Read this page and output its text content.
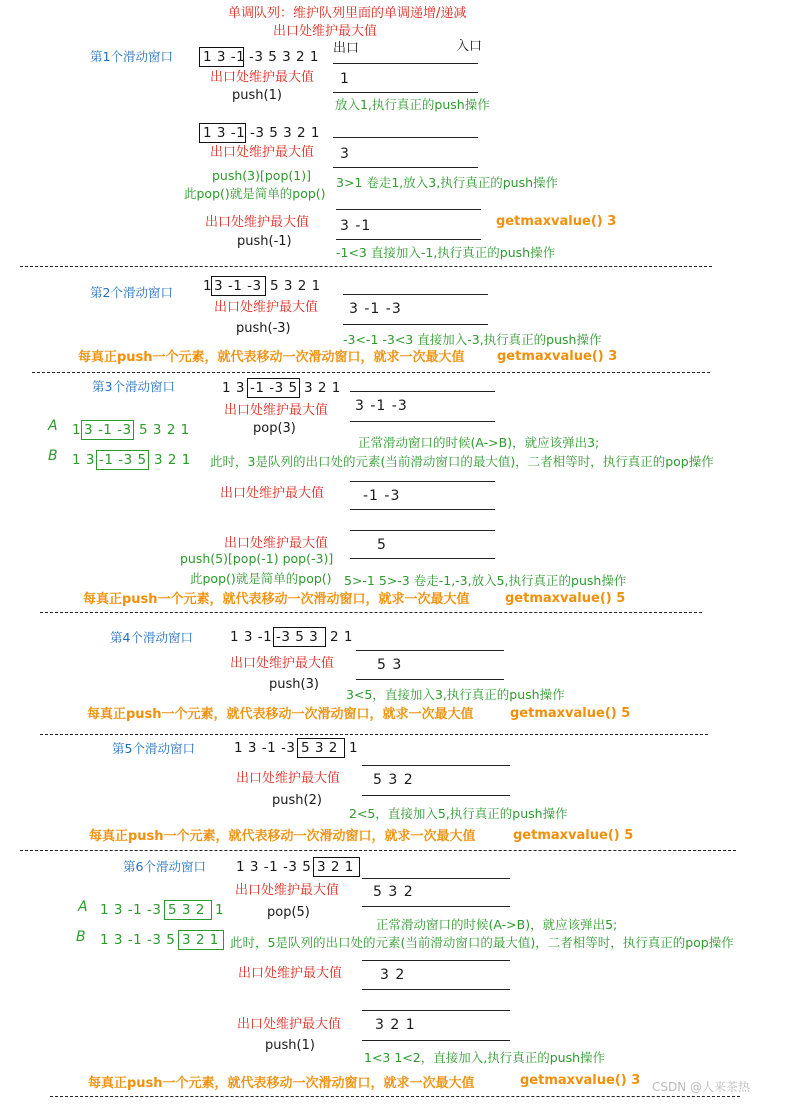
单调队列：维护队列里面的单调递增/递减
出口处维护最大值
第1个滑动窗口 1 3 -1 -3 5 3 2 1
出口	入口
出口处维护最大值 1
push(1)
放入1,执行真正的push操作
1 3 -1 -3 5 3 2 1
出口处维护最大值 3
push(3)[pop(1)] 3>1 卷走1,放入3,执行真正的push操作
此pop()就是简单的pop()
出口处维护最大值 3 -1	getmaxvalue() 3
push(-1)
-1<3 直接加入-1,执行真正的push操作
第2个滑动窗口 1 3 -1 -3 5 3 2 1
出口处维护最大值 3 -1 -3
push(-3)
-3<-1 -3<3 直接加入-3,执行真正的push操作
每真正push一个元素，就代表移动一次滑动窗口，就求一次最大值 getmaxvalue() 3
第3个滑动窗口	1 3 -1 -3 5 3 2 1
3 -1 -3
出口处维护最大值
pop(3)
A 1 3 -1 -3 5 3 2 1
正常滑动窗口的时候(A->B)，就应该弹出3;
B 1 3 -1 -3 5 3 2 1 此时，3是队列的出口处的元素(当前滑动窗口的最大值)，二者相等时，执行真正的pop操作
出口处维护最大值	-1 -3
出口处维护最大值	5
push(5)[pop(-1) pop(-3)]
此pop()就是简单的pop() 5>-1 5>-3 卷走-1,-3,放入5,执行真正的push操作
每真正push一个元素，就代表移动一次滑动窗口，就求一次最大值	getmaxvalue() 5
第4个滑动窗口	1 3 -1 -3 5 3 2 1
出口处维护最大值	5 3
push(3)
3<5，直接加入3,执行真正的push操作
每真正push一个元素，就代表移动一次滑动窗口，就求一次最大值	getmaxvalue() 5
第5个滑动窗口	1 3 -1 -3 5 3 2 1
出口处维护最大值 5 3 2
push(2)
2<5，直接加入5,执行真正的push操作
每真正push一个元素，就代表移动一次滑动窗口，就求一次最大值	getmaxvalue() 5
第6个滑动窗口 1 3 -1 -3 5 3 2 1
出口处维护最大值 5 3 2
pop(5)
A 1 3 -1 -3 5 3 2 1
正常滑动窗口的时候(A->B)，就应该弹出5;
B 1 3 -1 -3 5 3 2 1 此时，5是队列的出口处的元素(当前滑动窗口的最大值)，二者相等时，执行真正的pop操作
出口处维护最大值	3 2
出口处维护最大值 3 2 1
push(1)
1<3 1<2，直接加入,执行真正的push操作
每真正push一个元素，就代表移动一次滑动窗口，就求一次最大值	getmaxvalue() 3 CSDN @人来茶热
